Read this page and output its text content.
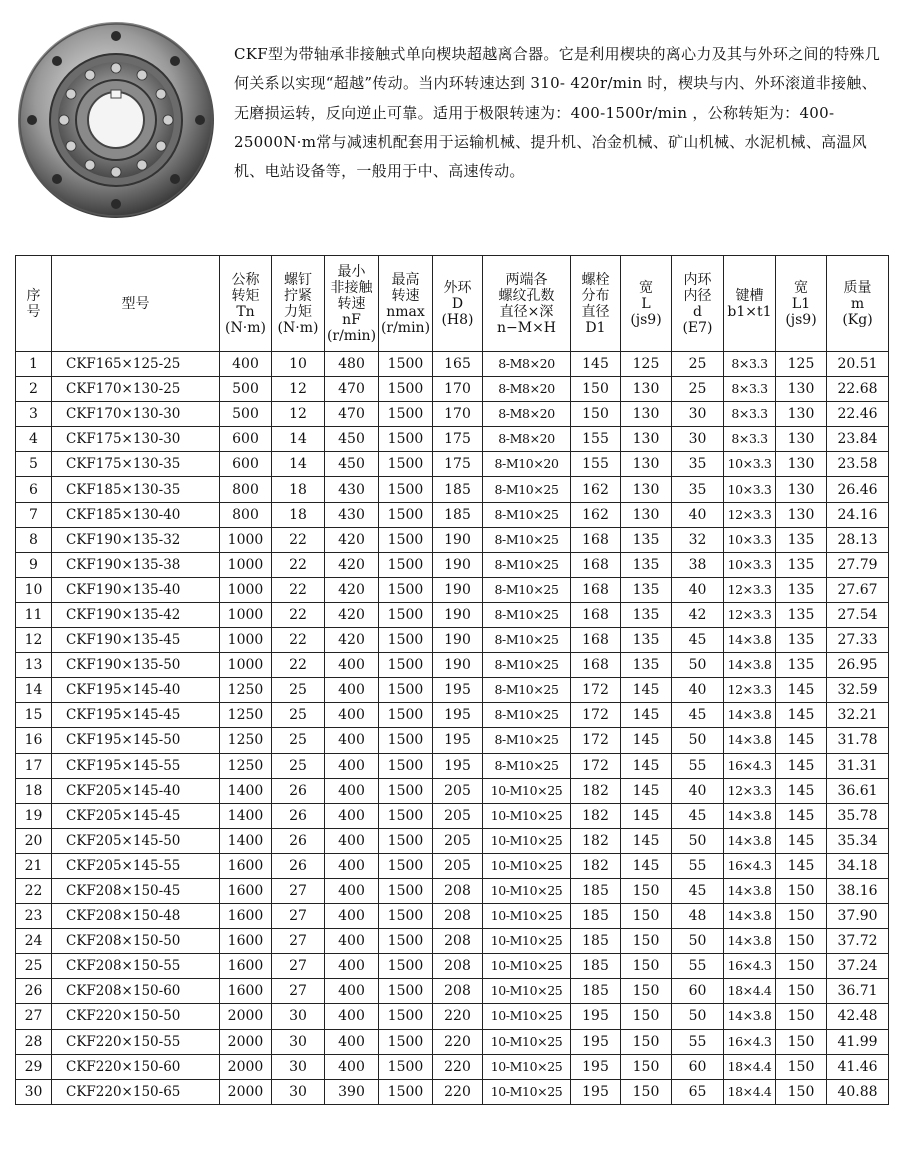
CKF型为带轴承非接触式单向楔块超越离合器。它是利用楔块的离心力及其与外环之间的特殊几何关系以实现“超越”传动。当内环转速达到 310- 420r/min 时，楔块与内、外环滚道非接触、无磨损运转，反向逆止可靠。适用于极限转速为：400-1500r/min ，公称转矩为：400-25000N·m常与减速机配套用于运输机械、提升机、冶金机械、矿山机械、水泥机械、高温风机、电站设备等，一般用于中、高速传动。
序
号	型号	公称
转矩
Tn
(N·m)	螺钉
拧紧
力矩
(N·m)	最小
非接触
转速
nF
(r/min)	最高
转速
nmax
(r/min)	外环
D
(H8)	两端各
螺纹孔数
直径×深
n−M×H	螺栓
分布
直径
D1	宽
L
(js9)	内环
内径
d
(E7)	键槽
b1×t1	宽
L1
(js9)	质量
m
(Kg)
1	CKF165×125-25	400	10	480	1500	165	8-M8×20	145	125	25	8×3.3	125	20.51
2	CKF170×130-25	500	12	470	1500	170	8-M8×20	150	130	25	8×3.3	130	22.68
3	CKF170×130-30	500	12	470	1500	170	8-M8×20	150	130	30	8×3.3	130	22.46
4	CKF175×130-30	600	14	450	1500	175	8-M8×20	155	130	30	8×3.3	130	23.84
5	CKF175×130-35	600	14	450	1500	175	8-M10×20	155	130	35	10×3.3	130	23.58
6	CKF185×130-35	800	18	430	1500	185	8-M10×25	162	130	35	10×3.3	130	26.46
7	CKF185×130-40	800	18	430	1500	185	8-M10×25	162	130	40	12×3.3	130	24.16
8	CKF190×135-32	1000	22	420	1500	190	8-M10×25	168	135	32	10×3.3	135	28.13
9	CKF190×135-38	1000	22	420	1500	190	8-M10×25	168	135	38	10×3.3	135	27.79
10	CKF190×135-40	1000	22	420	1500	190	8-M10×25	168	135	40	12×3.3	135	27.67
11	CKF190×135-42	1000	22	420	1500	190	8-M10×25	168	135	42	12×3.3	135	27.54
12	CKF190×135-45	1000	22	420	1500	190	8-M10×25	168	135	45	14×3.8	135	27.33
13	CKF190×135-50	1000	22	400	1500	190	8-M10×25	168	135	50	14×3.8	135	26.95
14	CKF195×145-40	1250	25	400	1500	195	8-M10×25	172	145	40	12×3.3	145	32.59
15	CKF195×145-45	1250	25	400	1500	195	8-M10×25	172	145	45	14×3.8	145	32.21
16	CKF195×145-50	1250	25	400	1500	195	8-M10×25	172	145	50	14×3.8	145	31.78
17	CKF195×145-55	1250	25	400	1500	195	8-M10×25	172	145	55	16×4.3	145	31.31
18	CKF205×145-40	1400	26	400	1500	205	10-M10×25	182	145	40	12×3.3	145	36.61
19	CKF205×145-45	1400	26	400	1500	205	10-M10×25	182	145	45	14×3.8	145	35.78
20	CKF205×145-50	1400	26	400	1500	205	10-M10×25	182	145	50	14×3.8	145	35.34
21	CKF205×145-55	1600	26	400	1500	205	10-M10×25	182	145	55	16×4.3	145	34.18
22	CKF208×150-45	1600	27	400	1500	208	10-M10×25	185	150	45	14×3.8	150	38.16
23	CKF208×150-48	1600	27	400	1500	208	10-M10×25	185	150	48	14×3.8	150	37.90
24	CKF208×150-50	1600	27	400	1500	208	10-M10×25	185	150	50	14×3.8	150	37.72
25	CKF208×150-55	1600	27	400	1500	208	10-M10×25	185	150	55	16×4.3	150	37.24
26	CKF208×150-60	1600	27	400	1500	208	10-M10×25	185	150	60	18×4.4	150	36.71
27	CKF220×150-50	2000	30	400	1500	220	10-M10×25	195	150	50	14×3.8	150	42.48
28	CKF220×150-55	2000	30	400	1500	220	10-M10×25	195	150	55	16×4.3	150	41.99
29	CKF220×150-60	2000	30	400	1500	220	10-M10×25	195	150	60	18×4.4	150	41.46
30	CKF220×150-65	2000	30	390	1500	220	10-M10×25	195	150	65	18×4.4	150	40.88
